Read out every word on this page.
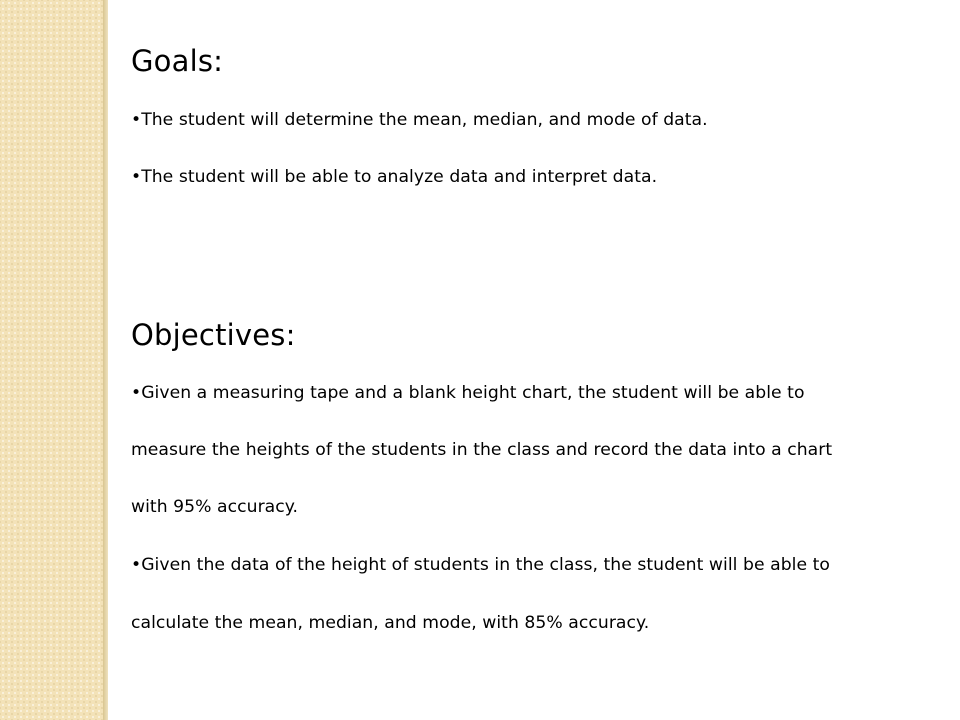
Goals:
•The student will determine the mean, median, and mode of data.
•The student will be able to analyze data and interpret data.
Objectives:
•Given a measuring tape and a blank height chart, the student will be able to
measure the heights of the students in the class and record the data into a chart
with 95% accuracy.
•Given the data of the height of students in the class, the student will be able to
calculate the mean, median, and mode, with 85% accuracy.
